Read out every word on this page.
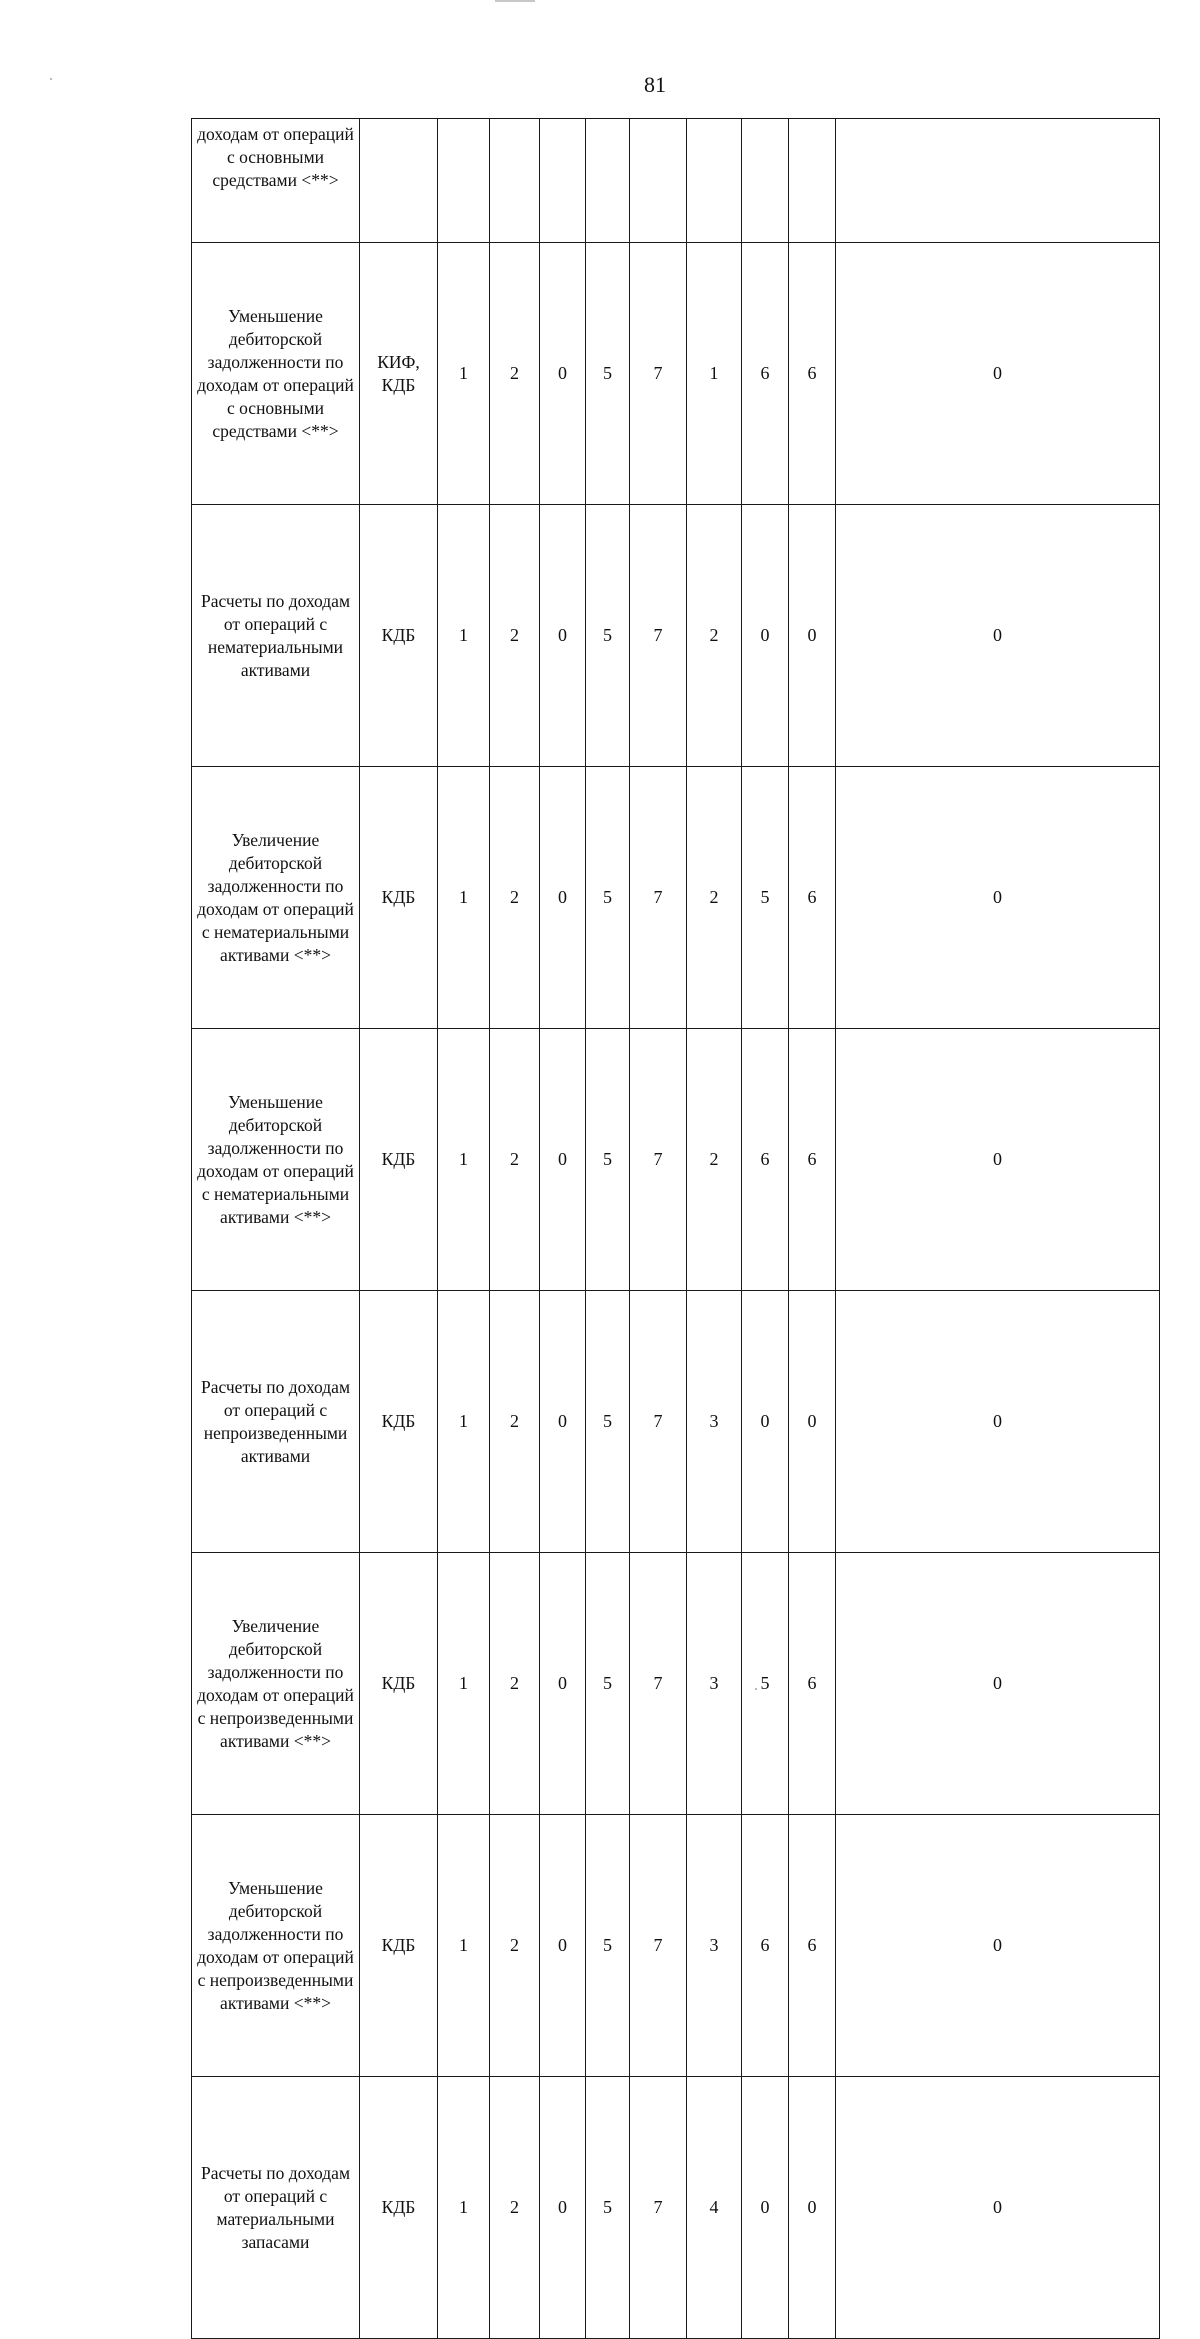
81
доходам от операций с основными средствами <**>											
Уменьшение дебиторской задолженности по доходам от операций с основными средствами <**>	КИФ, КДБ	1	2	0	5	7	1	6	6	0	
Расчеты по доходам от операций с нематериальными активами	КДБ	1	2	0	5	7	2	0	0	0	
Увеличение дебиторской задолженности по доходам от операций с нематериальными активами <**>	КДБ	1	2	0	5	7	2	5	6	0	
Уменьшение дебиторской задолженности по доходам от операций с нематериальными активами <**>	КДБ	1	2	0	5	7	2	6	6	0	
Расчеты по доходам от операций с непроизведенными активами	КДБ	1	2	0	5	7	3	0	0	0	
Увеличение дебиторской задолженности по доходам от операций с непроизведенными активами <**>	КДБ	1	2	0	5	7	3	5	6	0	
Уменьшение дебиторской задолженности по доходам от операций с непроизведенными активами <**>	КДБ	1	2	0	5	7	3	6	6	0	
Расчеты по доходам от операций с материальными запасами	КДБ	1	2	0	5	7	4	0	0	0	
